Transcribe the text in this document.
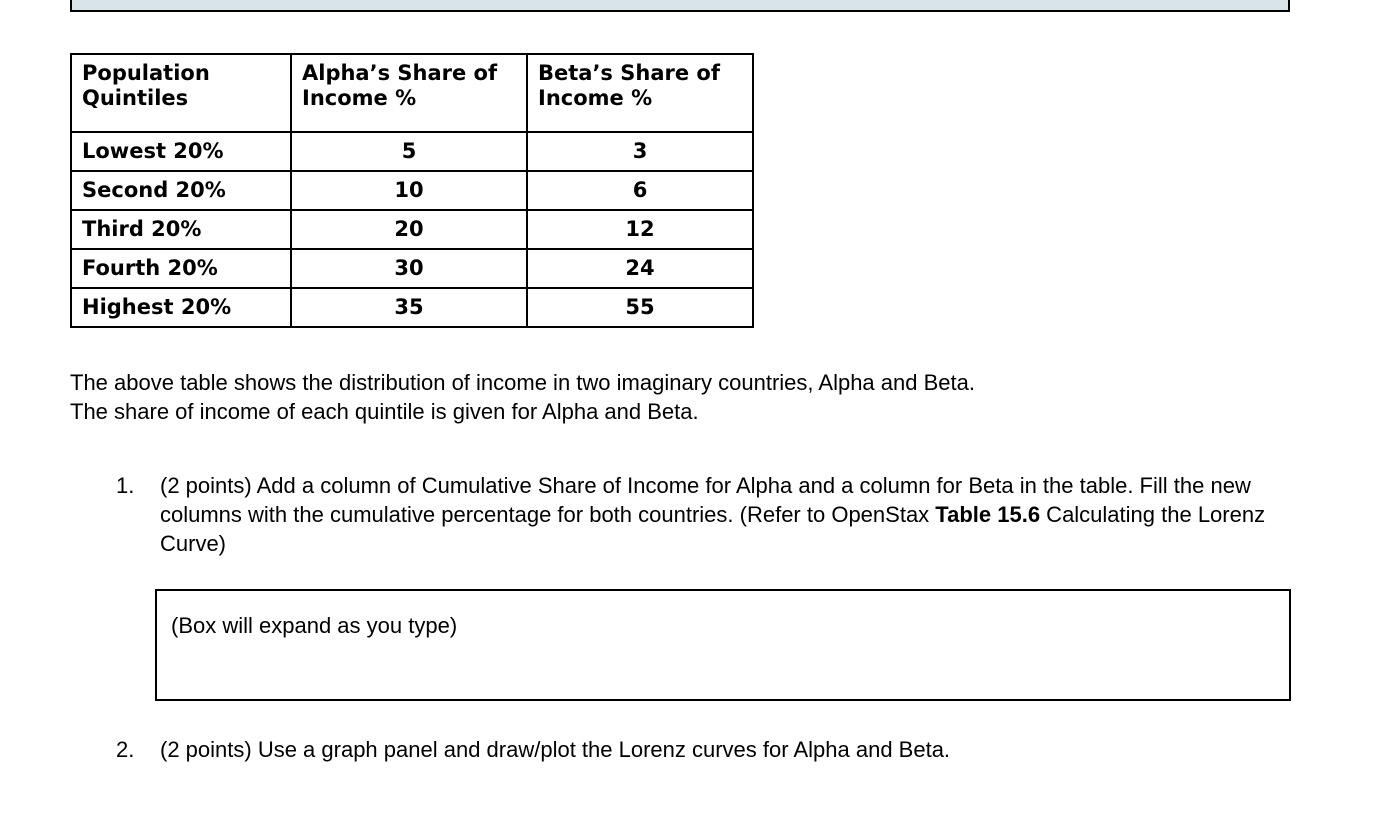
Population Quintiles	Alpha’s Share of Income %	Beta’s Share of Income %
Lowest 20%	5	3
Second 20%	10	6
Third 20%	20	12
Fourth 20%	30	24
Highest 20%	35	55
The above table shows the distribution of income in two imaginary countries, Alpha and Beta.
The share of income of each quintile is given for Alpha and Beta.
1. (2 points) Add a column of Cumulative Share of Income for Alpha and a column for Beta in the table. Fill the new columns with the cumulative percentage for both countries. (Refer to OpenStax Table 15.6 Calculating the Lorenz Curve)
(Box will expand as you type)
2. (2 points) Use a graph panel and draw/plot the Lorenz curves for Alpha and Beta.
